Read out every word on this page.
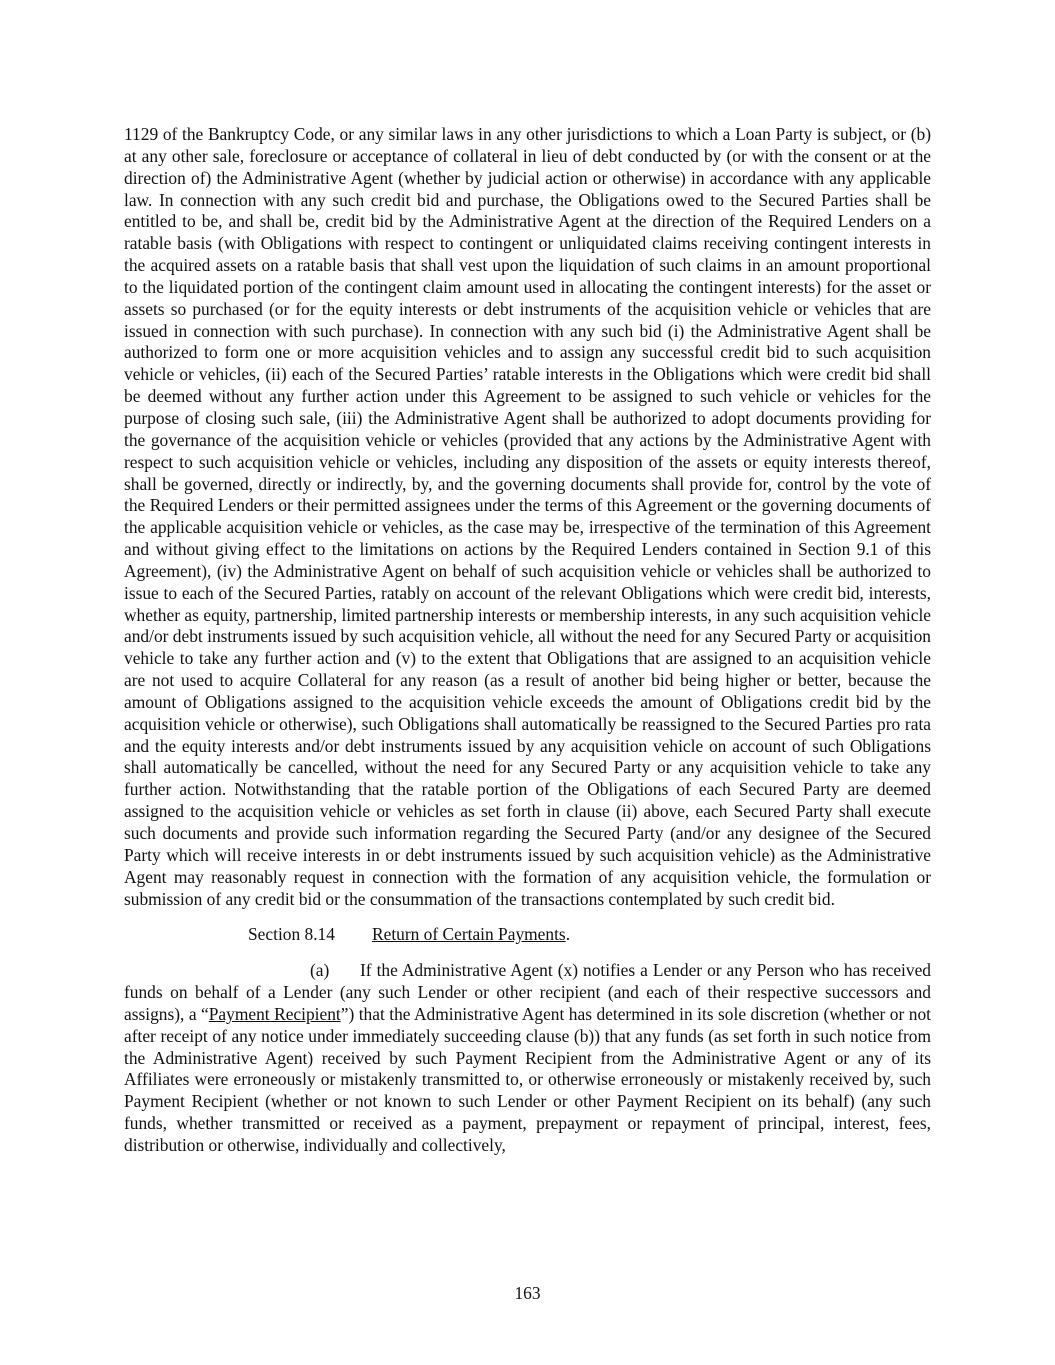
1129 of the Bankruptcy Code, or any similar laws in any other jurisdictions to which a Loan Party is subject, or (b) at any other sale, foreclosure or acceptance of collateral in lieu of debt conducted by (or with the consent or at the direction of) the Administrative Agent (whether by judicial action or otherwise) in accordance with any applicable law. In connection with any such credit bid and purchase, the Obligations owed to the Secured Parties shall be entitled to be, and shall be, credit bid by the Administrative Agent at the direction of the Required Lenders on a ratable basis (with Obligations with respect to contingent or unliquidated claims receiving contingent interests in the acquired assets on a ratable basis that shall vest upon the liquidation of such claims in an amount proportional to the liquidated portion of the contingent claim amount used in allocating the contingent interests) for the asset or assets so purchased (or for the equity interests or debt instruments of the acquisition vehicle or vehicles that are issued in connection with such purchase). In connection with any such bid (i) the Administrative Agent shall be authorized to form one or more acquisition vehicles and to assign any successful credit bid to such acquisition vehicle or vehicles, (ii) each of the Secured Parties’ ratable interests in the Obligations which were credit bid shall be deemed without any further action under this Agreement to be assigned to such vehicle or vehicles for the purpose of closing such sale, (iii) the Administrative Agent shall be authorized to adopt documents providing for the governance of the acquisition vehicle or vehicles (provided that any actions by the Administrative Agent with respect to such acquisition vehicle or vehicles, including any disposition of the assets or equity interests thereof, shall be governed, directly or indirectly, by, and the governing documents shall provide for, control by the vote of the Required Lenders or their permitted assignees under the terms of this Agreement or the governing documents of the applicable acquisition vehicle or vehicles, as the case may be, irrespective of the termination of this Agreement and without giving effect to the limitations on actions by the Required Lenders contained in Section 9.1 of this Agreement), (iv) the Administrative Agent on behalf of such acquisition vehicle or vehicles shall be authorized to issue to each of the Secured Parties, ratably on account of the relevant Obligations which were credit bid, interests, whether as equity, partnership, limited partnership interests or membership interests, in any such acquisition vehicle and/or debt instruments issued by such acquisition vehicle, all without the need for any Secured Party or acquisition vehicle to take any further action and (v) to the extent that Obligations that are assigned to an acquisition vehicle are not used to acquire Collateral for any reason (as a result of another bid being higher or better, because the amount of Obligations assigned to the acquisition vehicle exceeds the amount of Obligations credit bid by the acquisition vehicle or otherwise), such Obligations shall automatically be reassigned to the Secured Parties pro rata and the equity interests and/or debt instruments issued by any acquisition vehicle on account of such Obligations shall automatically be cancelled, without the need for any Secured Party or any acquisition vehicle to take any further action. Notwithstanding that the ratable portion of the Obligations of each Secured Party are deemed assigned to the acquisition vehicle or vehicles as set forth in clause (ii) above, each Secured Party shall execute such documents and provide such information regarding the Secured Party (and/or any designee of the Secured Party which will receive interests in or debt instruments issued by such acquisition vehicle) as the Administrative Agent may reasonably request in connection with the formation of any acquisition vehicle, the formulation or submission of any credit bid or the consummation of the transactions contemplated by such credit bid.

Section 8.14 Return of Certain Payments.

(a) If the Administrative Agent (x) notifies a Lender or any Person who has received funds on behalf of a Lender (any such Lender or other recipient (and each of their respective successors and assigns), a “Payment Recipient”) that the Administrative Agent has determined in its sole discretion (whether or not after receipt of any notice under immediately succeeding clause (b)) that any funds (as set forth in such notice from the Administrative Agent) received by such Payment Recipient from the Administrative Agent or any of its Affiliates were erroneously or mistakenly transmitted to, or otherwise erroneously or mistakenly received by, such Payment Recipient (whether or not known to such Lender or other Payment Recipient on its behalf) (any such funds, whether transmitted or received as a payment, prepayment or repayment of principal, interest, fees, distribution or otherwise, individually and collectively,

163
